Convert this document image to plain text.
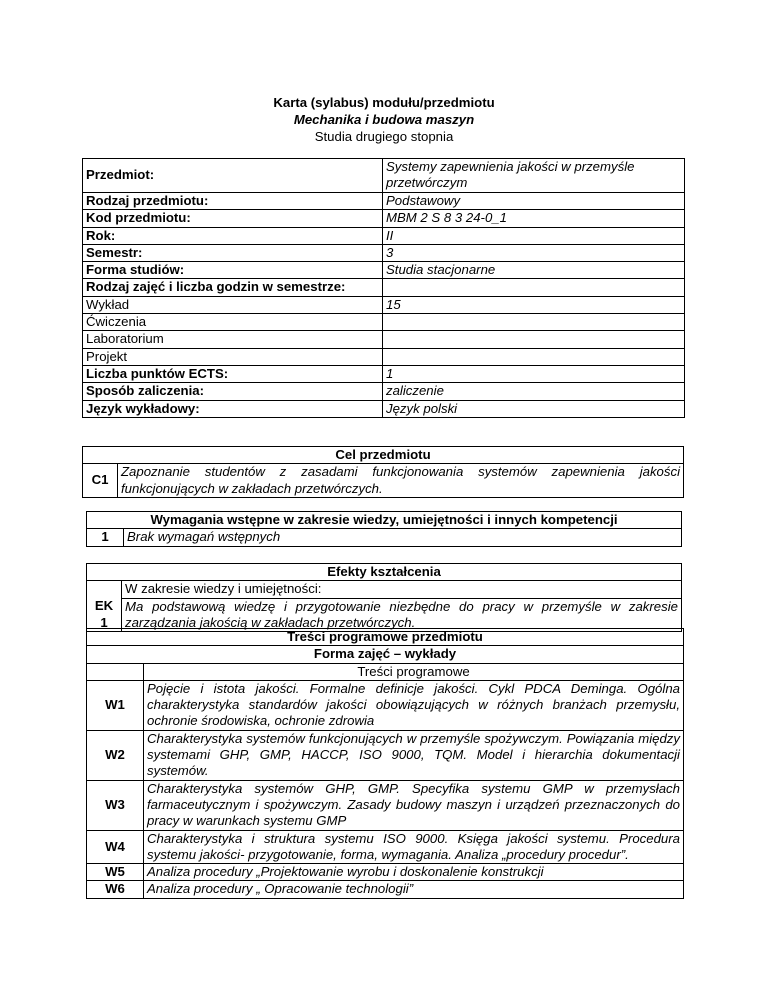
Karta (sylabus) modułu/przedmiotu
Mechanika i budowa maszyn
Studia drugiego stopnia
Przedmiot:	Systemy zapewnienia jakości w przemyśle przetwórczym
Rodzaj przedmiotu:	Podstawowy
Kod przedmiotu:	MBM 2 S 8 3 24-0_1
Rok:	II
Semestr:	3
Forma studiów:	Studia stacjonarne
Rodzaj zajęć i liczba godzin w semestrze:	
Wykład	15
Ćwiczenia	
Laboratorium	
Projekt	
Liczba punktów ECTS:	1
Sposób zaliczenia:	zaliczenie
Język wykładowy:	Język polski
Cel przedmiotu
C1	Zapoznanie studentów z zasadami funkcjonowania systemów zapewnienia jakości funkcjonujących w zakładach przetwórczych.
Wymagania wstępne w zakresie wiedzy, umiejętności i innych kompetencji
1	Brak wymagań wstępnych
Efekty kształcenia	
	W zakresie wiedzy i umiejętności:
EK 1	Ma podstawową wiedzę i przygotowanie niezbędne do pracy w przemyśle w zakresie zarządzania jakością w zakładach przetwórczych.
Treści programowe przedmiotu	
Forma zajęć – wykłady	
	Treści programowe
W1	Pojęcie i istota jakości. Formalne definicje jakości. Cykl PDCA Deminga. Ogólna charakterystyka standardów jakości obowiązujących w różnych branżach przemysłu, ochronie środowiska, ochronie zdrowia
W2	Charakterystyka systemów funkcjonujących w przemyśle spożywczym. Powiązania między systemami GHP, GMP, HACCP, ISO 9000, TQM. Model i hierarchia dokumentacji systemów.
W3	Charakterystyka systemów GHP, GMP. Specyfika systemu GMP w przemysłach farmaceutycznym i spożywczym. Zasady budowy maszyn i urządzeń przeznaczonych do pracy w warunkach systemu GMP
W4	Charakterystyka i struktura systemu ISO 9000. Księga jakości systemu. Procedura systemu jakości- przygotowanie, forma, wymagania. Analiza „procedury procedur”.
W5	Analiza procedury „Projektowanie wyrobu i doskonalenie konstrukcji
W6	Analiza procedury „ Opracowanie technologii”
